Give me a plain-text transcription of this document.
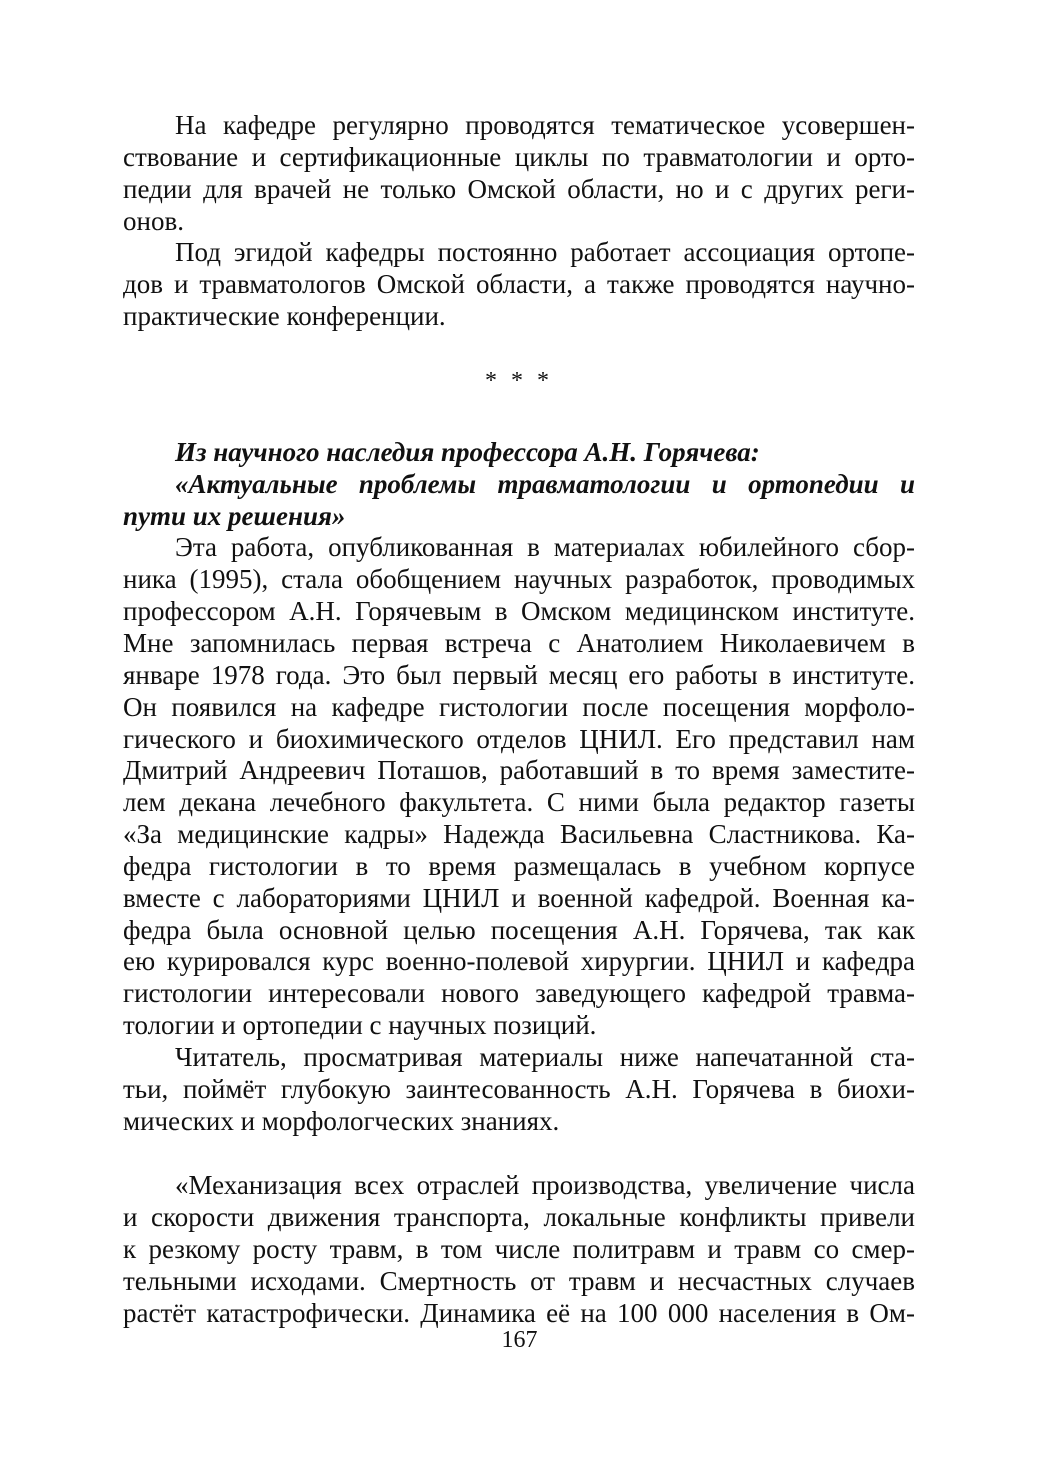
На кафедре регулярно проводятся тематическое усовершен-
ствование и сертификационные циклы по травматологии и орто-
педии для врачей не только Омской области, но и с других реги-
онов.
Под эгидой кафедры постоянно работает ассоциация ортопе-
дов и травматологов Омской области, а также проводятся научно-
практические конференции.
* * *
Из научного наследия профессора А.Н. Горячева:
«Актуальные проблемы травматологии и ортопедии и
пути их решения»
Эта работа, опубликованная в материалах юбилейного сбор-
ника (1995), стала обобщением научных разработок, проводимых
профессором А.Н. Горячевым в Омском медицинском институте.
Мне запомнилась первая встреча с Анатолием Николаевичем в
январе 1978 года. Это был первый месяц его работы в институте.
Он появился на кафедре гистологии после посещения морфоло-
гического и биохимического отделов ЦНИЛ. Его представил нам
Дмитрий Андреевич Поташов, работавший в то время заместите-
лем декана лечебного факультета. С ними была редактор газеты
«За медицинские кадры» Надежда Васильевна Сластникова. Ка-
федра гистологии в то время размещалась в учебном корпусе
вместе с лабораториями ЦНИЛ и военной кафедрой. Военная ка-
федра была основной целью посещения А.Н. Горячева, так как
ею курировался курс военно-полевой хирургии. ЦНИЛ и кафедра
гистологии интересовали нового заведующего кафедрой травма-
тологии и ортопедии с научных позиций.
Читатель, просматривая материалы ниже напечатанной ста-
тьи, поймёт глубокую заинтесованность А.Н. Горячева в биохи-
мических и морфологческих знаниях.
«Механизация всех отраслей производства, увеличение числа
и скорости движения транспорта, локальные конфликты привели
к резкому росту травм, в том числе политравм и травм со смер-
тельными исходами. Смертность от травм и несчастных случаев
растёт катастрофически. Динамика её на 100 000 населения в Ом-
167
